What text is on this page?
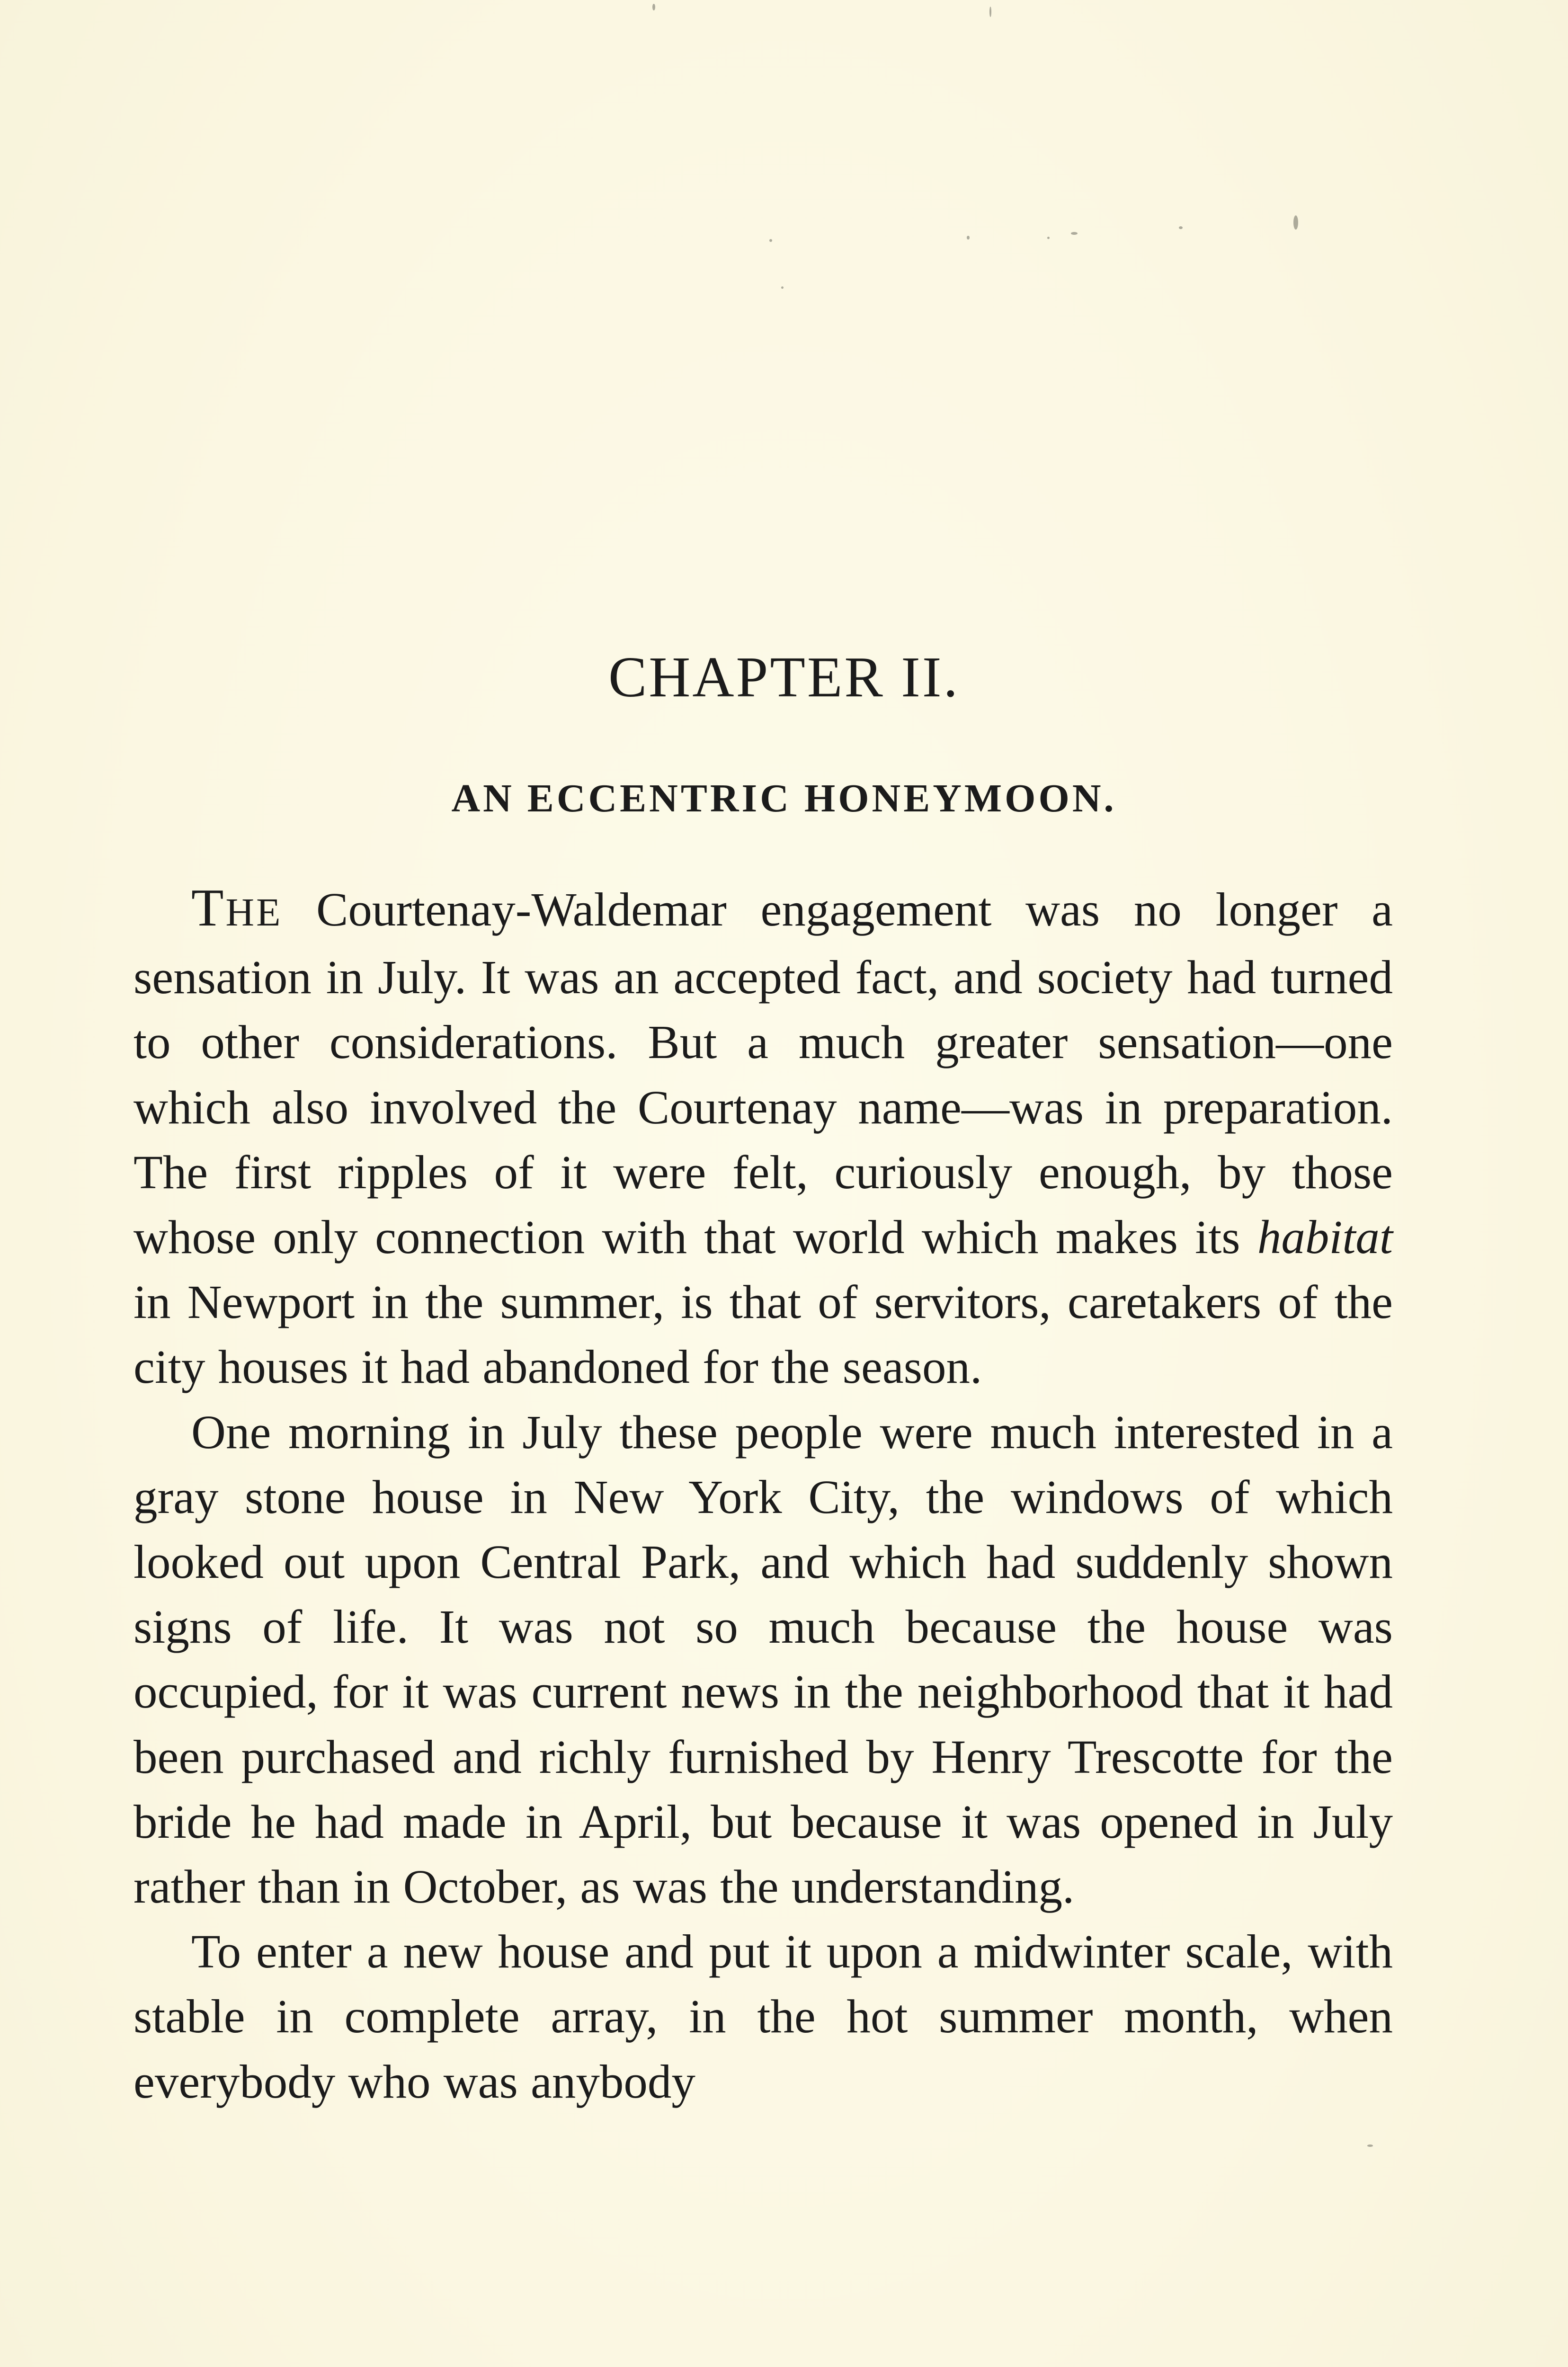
CHAPTER II.
AN ECCENTRIC HONEYMOON.

THE Courtenay-Waldemar engagement was no longer a sensation in July. It was an accepted fact, and society had turned to other considerations. But a much greater sensation—one which also involved the Courtenay name—was in preparation. The first ripples of it were felt, curiously enough, by those whose only connection with that world which makes its habitat in Newport in the summer, is that of servitors, caretakers of the city houses it had abandoned for the season.

One morning in July these people were much interested in a gray stone house in New York City, the windows of which looked out upon Central Park, and which had suddenly shown signs of life. It was not so much because the house was occupied, for it was current news in the neighborhood that it had been purchased and richly furnished by Henry Trescotte for the bride he had made in April, but because it was opened in July rather than in October, as was the understanding.

To enter a new house and put it upon a midwinter scale, with stable in complete array, in the hot summer month, when everybody who was anybody
